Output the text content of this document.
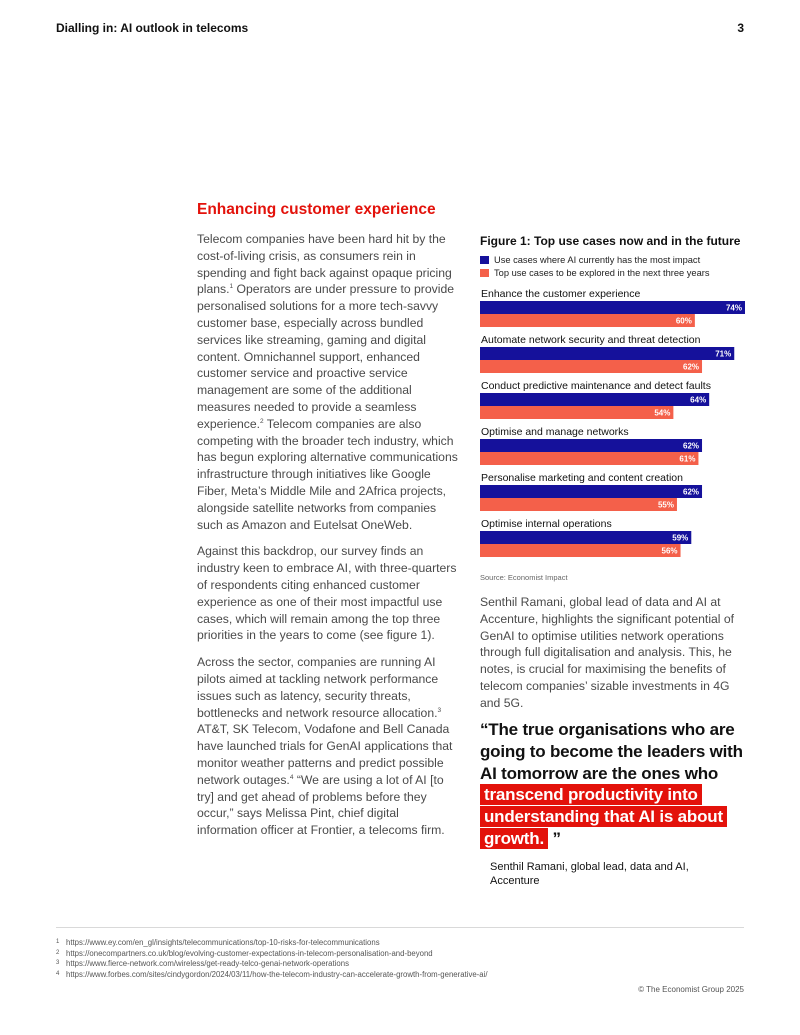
Dialling in: AI outlook in telecoms	3
Enhancing customer experience

Telecom companies have been hard hit by the cost-of-living crisis, as consumers rein in spending and fight back against opaque pricing plans.$^1$ Operators are under pressure to provide personalised solutions for a more tech-savvy customer base, especially across bundled services like streaming, gaming and digital content. Omnichannel support, enhanced customer service and proactive service management are some of the additional measures needed to provide a seamless experience.$^2$ Telecom companies are also competing with the broader tech industry, which has begun exploring alternative communications infrastructure through initiatives like Google Fiber, Meta’s Middle Mile and 2Africa projects, alongside satellite networks from companies such as Amazon and Eutelsat OneWeb.

Against this backdrop, our survey finds an industry keen to embrace AI, with three-quarters of respondents citing enhanced customer experience as one of their most impactful use cases, which will remain among the top three priorities in the years to come (see figure 1).

Across the sector, companies are running AI pilots aimed at tackling network performance issues such as latency, security threats, bottlenecks and network resource allocation.$^3$ AT&T, SK Telecom, Vodafone and Bell Canada have launched trials for GenAI applications that monitor weather patterns and predict possible network outages.$^4$ “We are using a lot of AI [to try] and get ahead of problems before they occur,” says Melissa Pint, chief digital information officer at Frontier, a telecoms firm.

Figure 1: Top use cases now and in the future
Use cases where AI currently has the most impact
Top use cases to be explored in the next three years
Enhance the customer experience
74%
60%
Automate network security and threat detection
71%
62%
Conduct predictive maintenance and detect faults
64%
54%
Optimise and manage networks
62%
61%
Personalise marketing and content creation
62%
55%
Optimise internal operations
59%
56%
Source: Economist Impact

Senthil Ramani, global lead of data and AI at Accenture, highlights the significant potential of GenAI to optimise utilities network operations through full digitalisation and analysis. This, he notes, is crucial for maximising the benefits of telecom companies’ sizable investments in 4G and 5G.

“The true organisations who are going to become the leaders with AI tomorrow are the ones who transcend productivity into understanding that AI is about growth. ”
Senthil Ramani, global lead, data and AI, Accenture
1 https://www.ey.com/en_gl/insights/telecommunications/top-10-risks-for-telecommunications
2 https://onecompartners.co.uk/blog/evolving-customer-expectations-in-telecom-personalisation-and-beyond
3 https://www.fierce-network.com/wireless/get-ready-telco-genai-network-operations
4 https://www.forbes.com/sites/cindygordon/2024/03/11/how-the-telecom-industry-can-accelerate-growth-from-generative-ai/
© The Economist Group 2025
